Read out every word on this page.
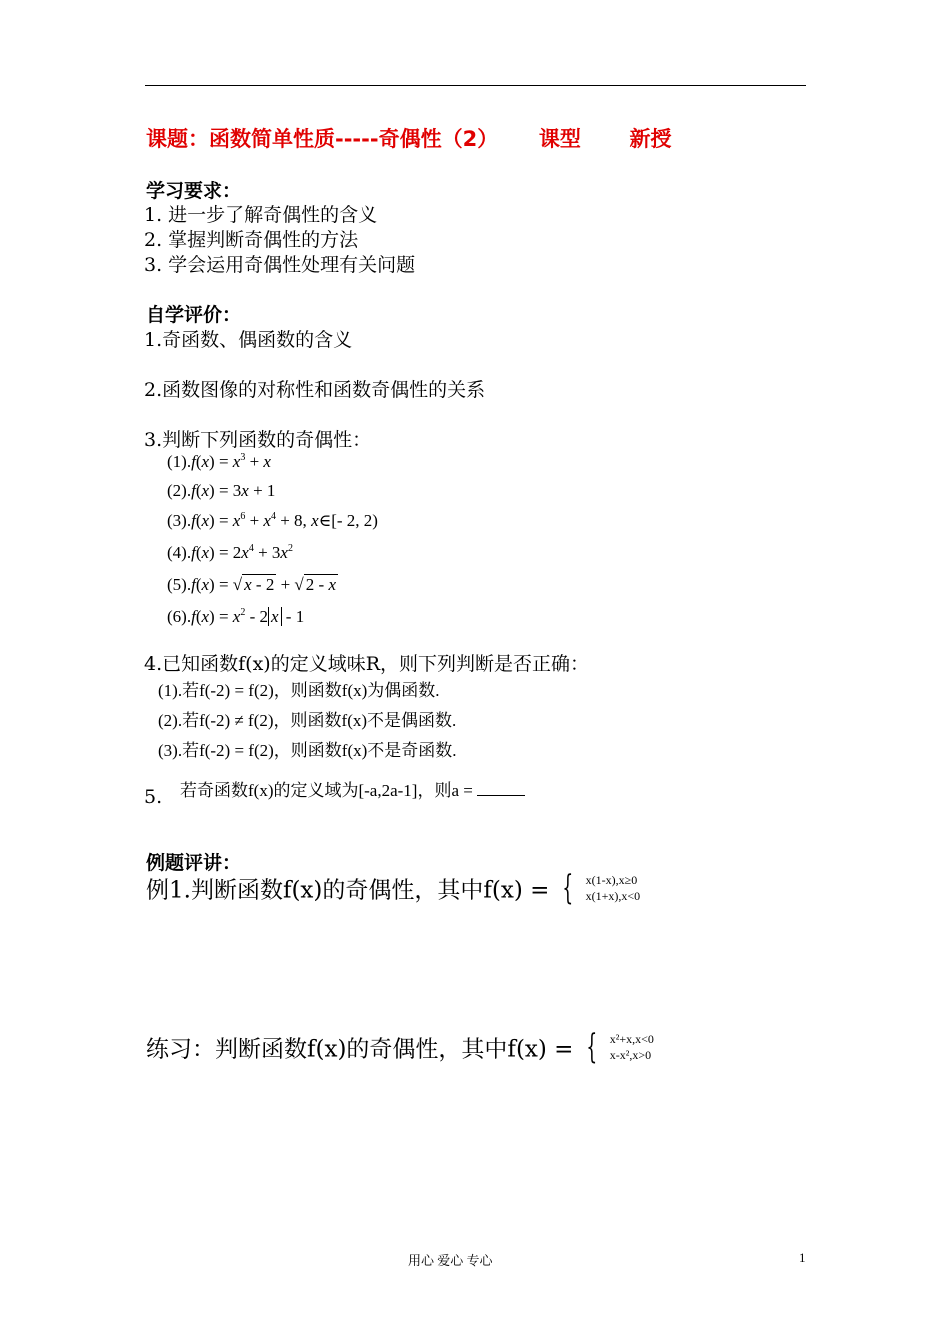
课题：函数简单性质-----奇偶性（2） 课型 新授
学习要求：
1. 进一步了解奇偶性的含义
2. 掌握判断奇偶性的方法
3. 学会运用奇偶性处理有关问题
自学评价：
1.奇函数、偶函数的含义
2.函数图像的对称性和函数奇偶性的关系
3.判断下列函数的奇偶性：
$(1).f(x) = x^3 + x$
(2).f(x) = 3x + 1
$(3).f(x) = x^6 + x^4 + 8$, x∈[- 2, 2)
$(4).f(x) = 2x^4 + 3x^2$
(5).f(x) = √ x - 2 + √ 2 - x
$(6).f(x) = x^2 - 2$ x - 1
4.已知函数f(x)的定义域味R，则下列判断是否正确：
(1).若f(-2) = f(2)，则函数f(x)为偶函数.
(2).若f(-2) ≠ f(2)，则函数f(x)不是偶函数.
(3).若f(-2) = f(2)，则函数f(x)不是奇函数.
5. 若奇函数f(x)的定义域为[-a,2a-1]，则a =
例题评讲：
例1.判断函数f(x)的奇偶性，其中f(x) = { x(1-x),x≥0
x(1+x),x<0
练习：判断函数f(x)的奇偶性，其中f(x) = { x²+x,x<0
x-x²,x>0
用心 爱心 专心	1
